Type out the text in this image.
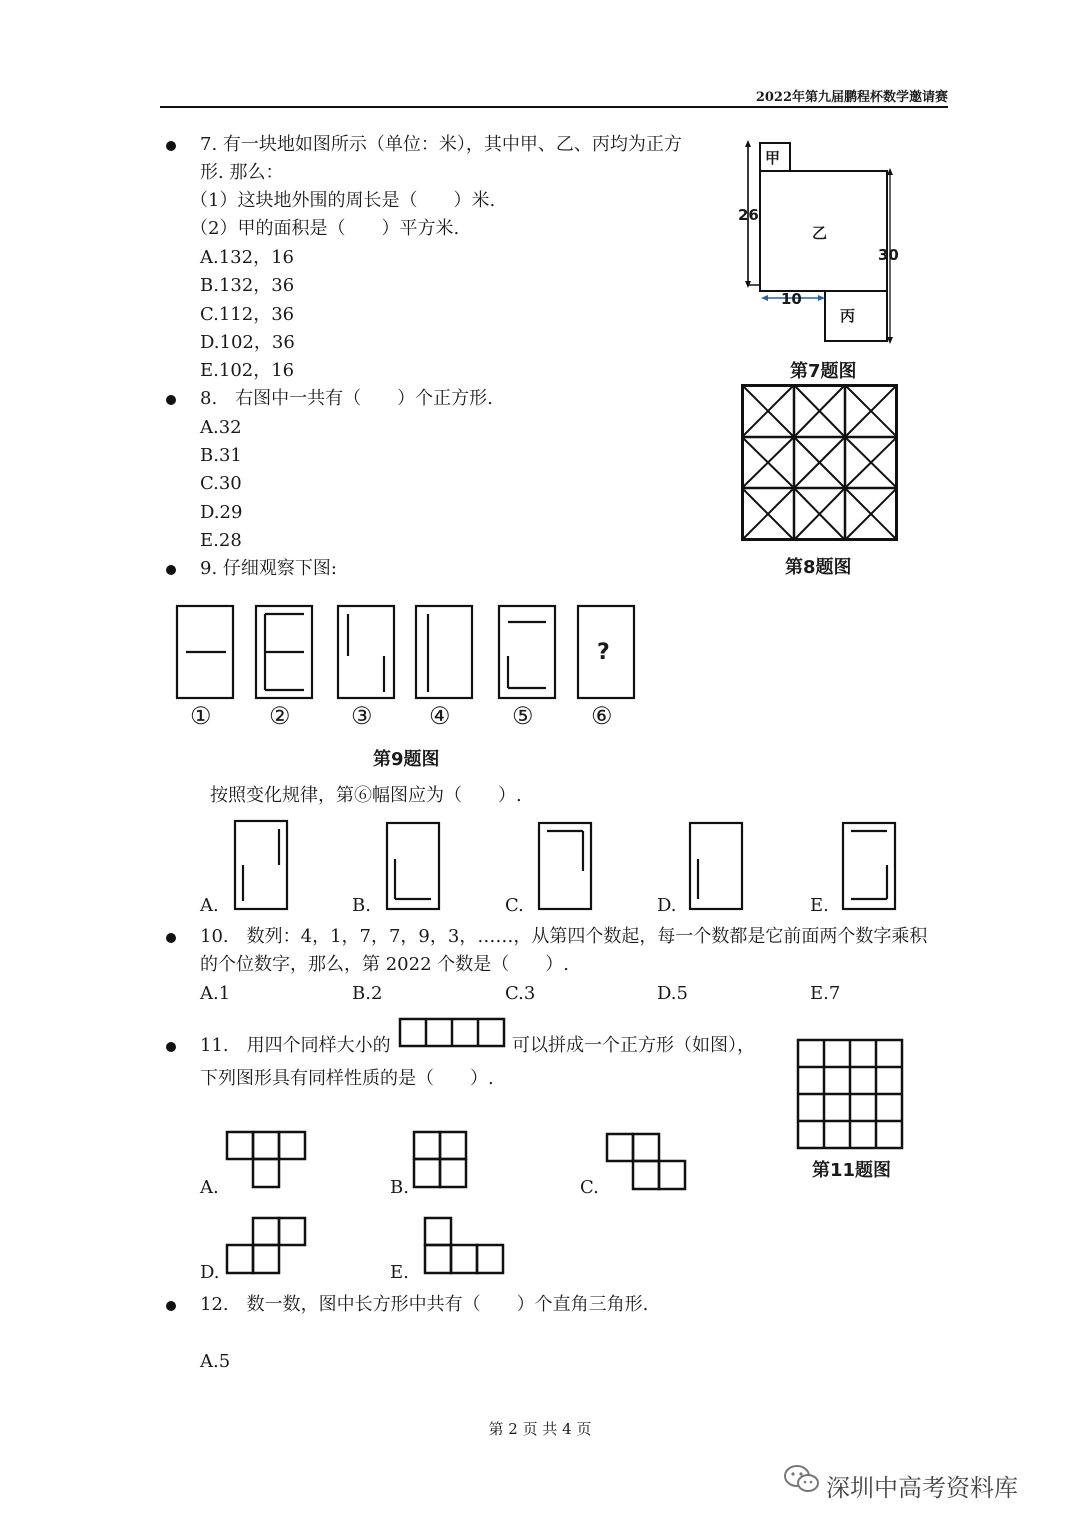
2022年第九届鹏程杯数学邀请赛
7. 有一块地如图所示（单位：米），其中甲、乙、丙均为正方
形. 那么：
（1）这块地外围的周长是（　　）米.
（2）甲的面积是（　　）平方米.
A.132，16
B.132，36
C.112，36
D.102，36
E.102，16
甲
乙
丙
26
30
10
第7题图
8.　右图中一共有（　　）个正方形.
A.32
B.31
C.30
D.29
E.28
第8题图
9. 仔细观察下图:
?
① ②	③ ④	⑤ ⑥
第9题图
按照变化规律，第⑥幅图应为（　　）.
A.	B.	C.	D.	E.
10.　数列：4，1，7，7，9，3，……，从第四个数起，每一个数都是它前面两个数字乘积
的个位数字，那么，第 2022 个数是（　　）.
A.1	B.2	C.3	D.5	E.7
11.　用四个同样大小的	可以拼成一个正方形（如图），
下列图形具有同样性质的是（　　）.
第11题图
A.	B.	C.
D.	E.
12.　数一数，图中长方形中共有（　　）个直角三角形.
A.5
第 2 页 共 4 页
深圳中高考资料库
